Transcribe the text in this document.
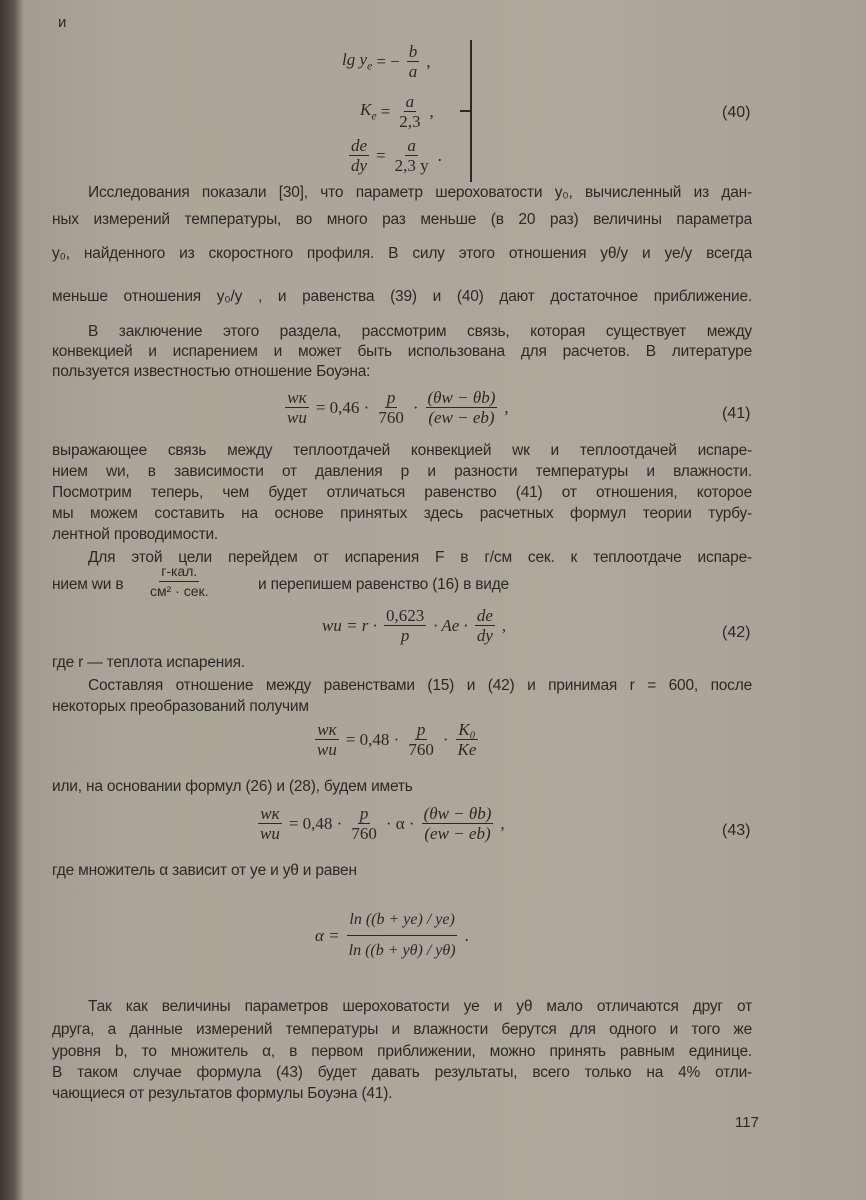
и
$\lg y_e$ = − $\frac{b}{a}$ ,
$K_e = \frac{a}{2,3}$ ,
$\frac{de}{dy} = \frac{a}{2,3 y}$ .
(40)
Исследования показали [30], что параметр шероховатости y₀, вычисленный из дан-
ных измерений температуры, во много раз меньше (в 20 раз) величины параметра
y₀, найденного из скоростного профиля. В силу этого отношения yθ/y и ye/y всегда
меньше отношения y₀/y , и равенства (39) и (40) дают достаточное приближение.
В заключение этого раздела, рассмотрим связь, которая существует между
конвекцией и испарением и может быть использована для расчетов. В литературе
пользуется известностью отношение Боуэна:
wк
wи
= 0,46 · p
760
· (θw − θb)
(ew − eb)
,	(41)
выражающее связь между теплоотдачей конвекцией wк и теплоотдачей испаре-
нием wи, в зависимости от давления p и разности температуры и влажности.
Посмотрим теперь, чем будет отличаться равенство (41) от отношения, которое
мы можем составить на основе принятых здесь расчетных формул теории турбу-
лентной проводимости.
Для этой цели перейдем от испарения F в г/см сек. к теплоотдаче испаре-
нием wи в
г-кал.
см² · сек.	и перепишем равенство (16) в виде
wи = r · 0,623
p
· Ae · de
dy
,	(42)
где r — теплота испарения.
Составляя отношение между равенствами (15) и (42) и принимая r = 600, после
некоторых преобразований получим
wк
wи
= 0,48 · p
760
· K₀
Ke
или, на основании формул (26) и (28), будем иметь
wк
wи
= 0,48 · p
760
· α · (θw − θb)
(ew − eb)
,	(43)
где множитель α зависит от ye и yθ и равен
$\alpha = \frac{\ln ((b + ye) / ye)}{\ln ((b + y\theta) / y\theta)}$ .
Так как величины параметров шероховатости ye и yθ мало отличаются друг от
друга, а данные измерений температуры и влажности берутся для одного и того же
уровня b, то множитель α, в первом приближении, можно принять равным единице.
В таком случае формула (43) будет давать результаты, всего только на 4% отли-
чающиеся от результатов формулы Боуэна (41).
117
